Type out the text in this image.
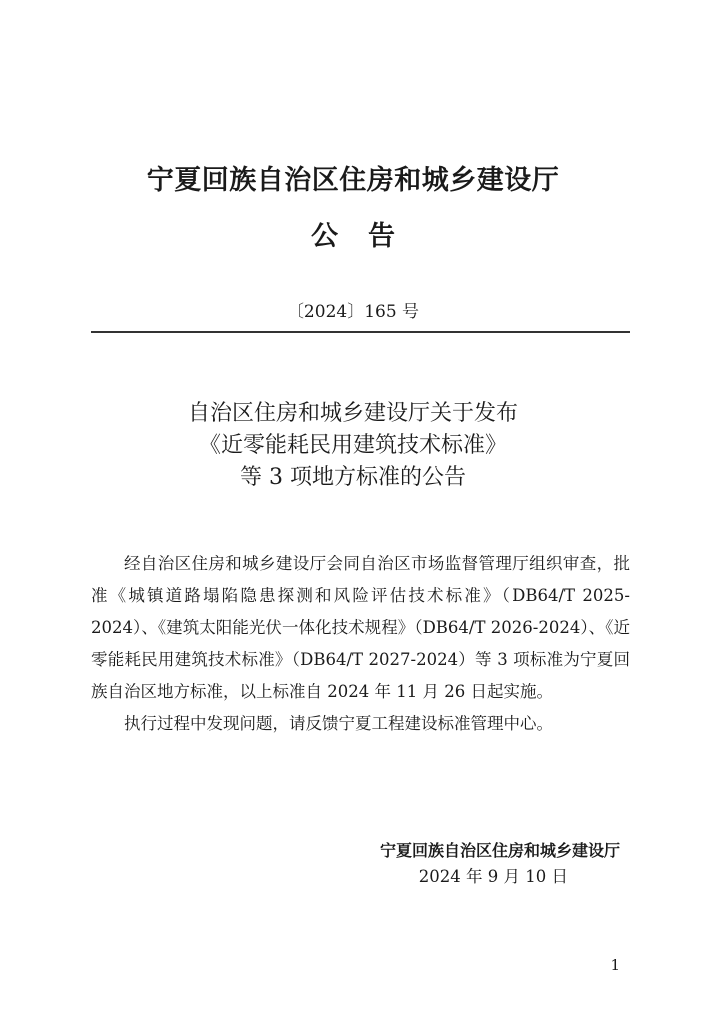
宁夏回族自治区住房和城乡建设厅
公告
〔2024〕165 号
自治区住房和城乡建设厅关于发布
《近零能耗民用建筑技术标准》
等 3 项地方标准的公告

经自治区住房和城乡建设厅会同自治区市场监督管理厅组织审查，批准《城镇道路塌陷隐患探测和风险评估技术标准》（DB64/T 2025-2024）、《建筑太阳能光伏一体化技术规程》（DB64/T 2026-2024）、《近零能耗民用建筑技术标准》（DB64/T 2027-2024）等 3 项标准为宁夏回族自治区地方标准，以上标准自 2024 年 11 月 26 日起实施。

执行过程中发现问题，请反馈宁夏工程建设标准管理中心。

宁夏回族自治区住房和城乡建设厅
2024 年 9 月 10 日
1
